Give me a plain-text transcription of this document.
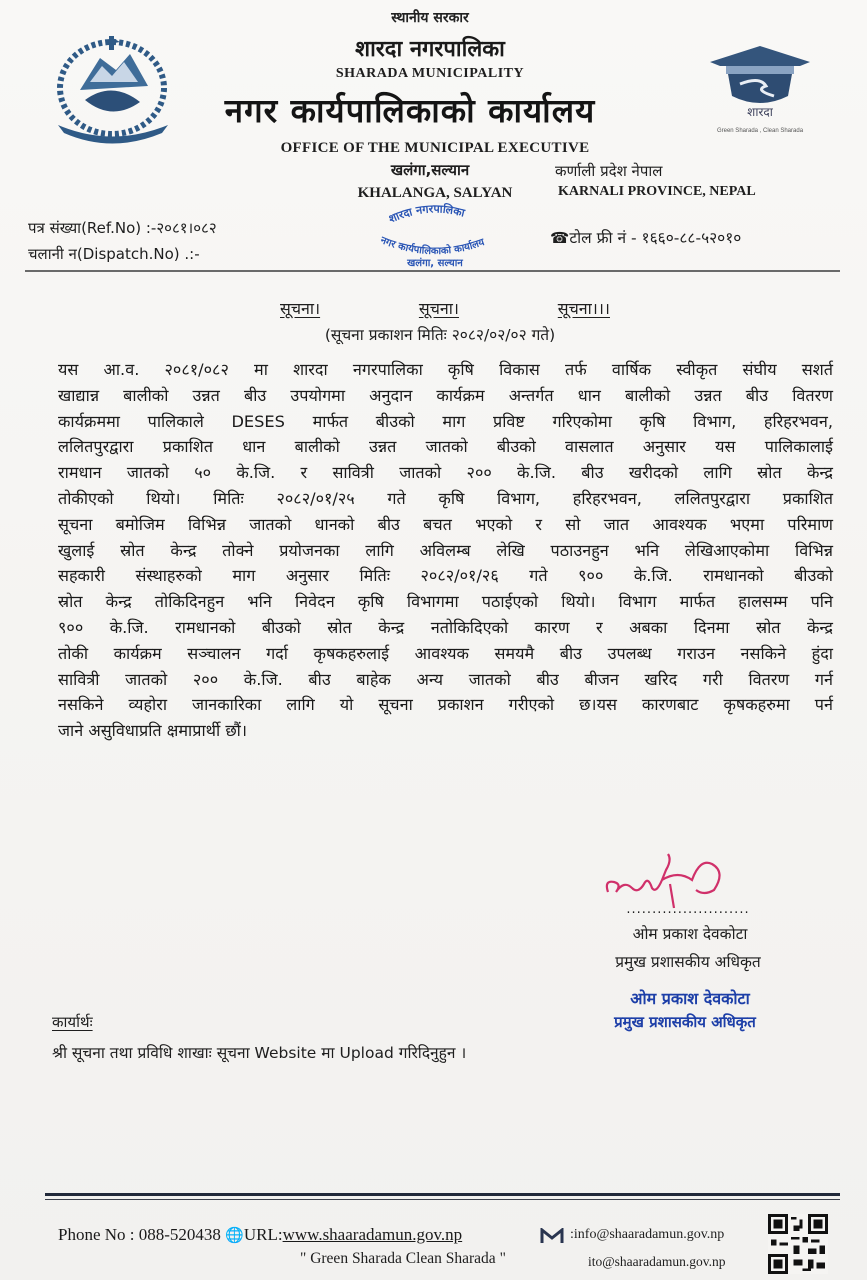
शारदा
Green Sharada , Clean Sharada
स्थानीय सरकार
शारदा नगरपालिका
SHARADA MUNICIPALITY
नगर कार्यपालिकाको कार्यालय
OFFICE OF THE MUNICIPAL EXECUTIVE
खलंगा,सल्यान
KHALANGA, SALYAN
कर्णाली प्रदेश नेपाल
KARNALI PROVINCE, NEPAL
शारदा नगरपालिका
नगर कार्यपालिकाको कार्यालय
खलंगा, सल्यान
पत्र संख्या(Ref.No) :-२०८१।०८२
चलानी न(Dispatch.No) .:-
☎टोल फ्री नं - १६६०-८८-५२०१०
सूचना।	सूचना।	सूचना।।।
(सूचना प्रकाशन मितिः २०८२/०२/०२ गते)
यस आ.व. २०८१/०८२ मा शारदा नगरपालिका कृषि विकास तर्फ वार्षिक स्वीकृत संघीय सशर्त
खाद्यान्न बालीको उन्नत बीउ उपयोगमा अनुदान कार्यक्रम अन्तर्गत धान बालीको उन्नत बीउ वितरण
कार्यक्रममा पालिकाले DESES मार्फत बीउको माग प्रविष्ट गरिएकोमा कृषि विभाग, हरिहरभवन,
ललितपुरद्वारा प्रकाशित धान बालीको उन्नत जातको बीउको वासलात अनुसार यस पालिकालाई
रामधान जातको ५० के.जि. र सावित्री जातको २०० के.जि. बीउ खरीदको लागि स्रोत केन्द्र
तोकीएको थियो। मितिः २०८२/०१/२५ गते कृषि विभाग, हरिहरभवन, ललितपुरद्वारा प्रकाशित
सूचना बमोजिम विभिन्न जातको धानको बीउ बचत भएको र सो जात आवश्यक भएमा परिमाण
खुलाई स्रोत केन्द्र तोक्ने प्रयोजनका लागि अविलम्ब लेखि पठाउनहुन भनि लेखिआएकोमा विभिन्न
सहकारी संस्थाहरुको माग अनुसार मितिः २०८२/०१/२६ गते ९०० के.जि. रामधानको बीउको
स्रोत केन्द्र तोकिदिनहुन भनि निवेदन कृषि विभागमा पठाईएको थियो। विभाग मार्फत हालसम्म पनि
९०० के.जि. रामधानको बीउको स्रोत केन्द्र नतोकिदिएको कारण र अबका दिनमा स्रोत केन्द्र
तोकी कार्यक्रम सञ्चालन गर्दा कृषकहरुलाई आवश्यक समयमै बीउ उपलब्ध गराउन नसकिने हुंदा
सावित्री जातको २०० के.जि. बीउ बाहेक अन्य जातको बीउ बीजन खरिद गरी वितरण गर्न
नसकिने व्यहोरा जानकारिका लागि यो सूचना प्रकाशन गरीएको छ।यस कारणबाट कृषकहरुमा पर्न
जाने असुविधाप्रति क्षमाप्रार्थी छौं।
........................
ओम प्रकाश देवकोटा
प्रमुख प्रशासकीय अधिकृत
ओम प्रकाश देवकोटा
प्रमुख प्रशासकीय अधिकृत
कार्यार्थः
श्री सूचना तथा प्रविधि शाखाः सूचना Website मा Upload गरिदिनुहुन ।
Phone No : 088-520438 🌐URL:www.shaaradamun.gov.np
" Green Sharada Clean Sharada "
:info@shaaradamun.gov.np
ito@shaaradamun.gov.np
